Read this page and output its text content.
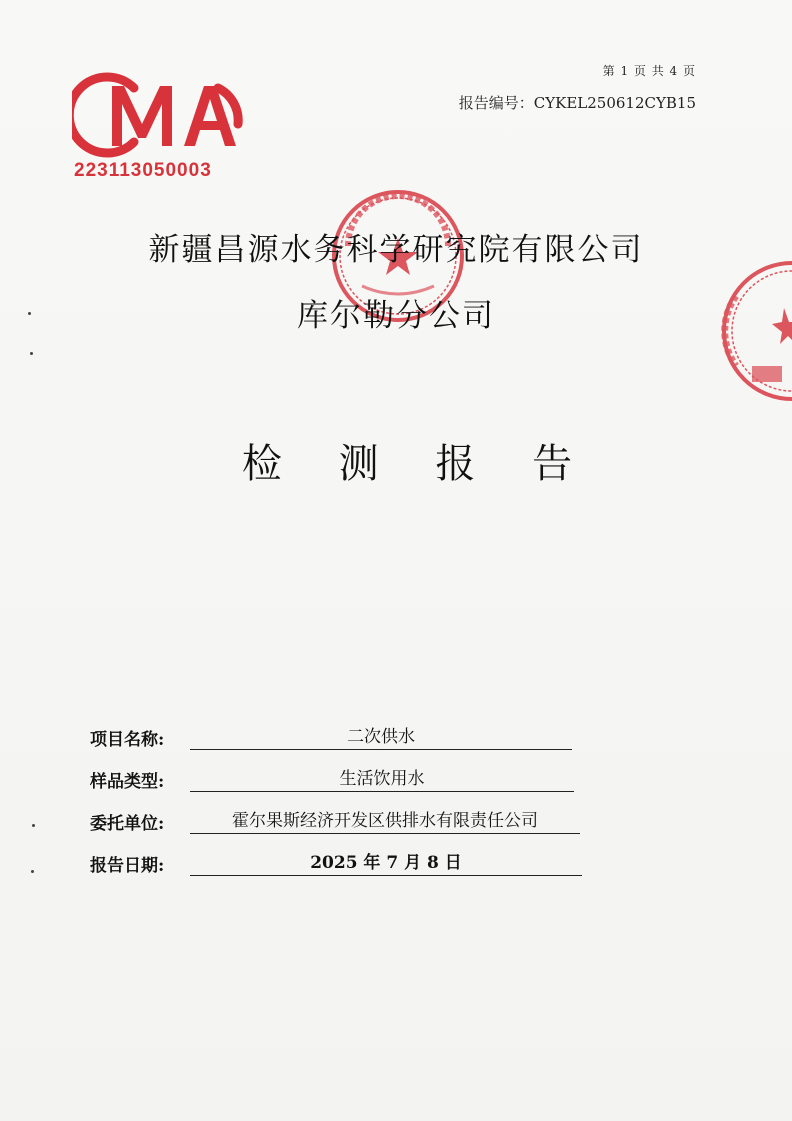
第 1 页 共 4 页
报告编号：CYKEL250612CYB15
223113050003
新疆昌源水务科学研究院有限公司
库尔勒分公司
检 测 报 告
项目名称:	二次供水
样品类型:	生活饮用水
委托单位:	霍尔果斯经济开发区供排水有限责任公司
报告日期:	2025 年 7 月 8 日
